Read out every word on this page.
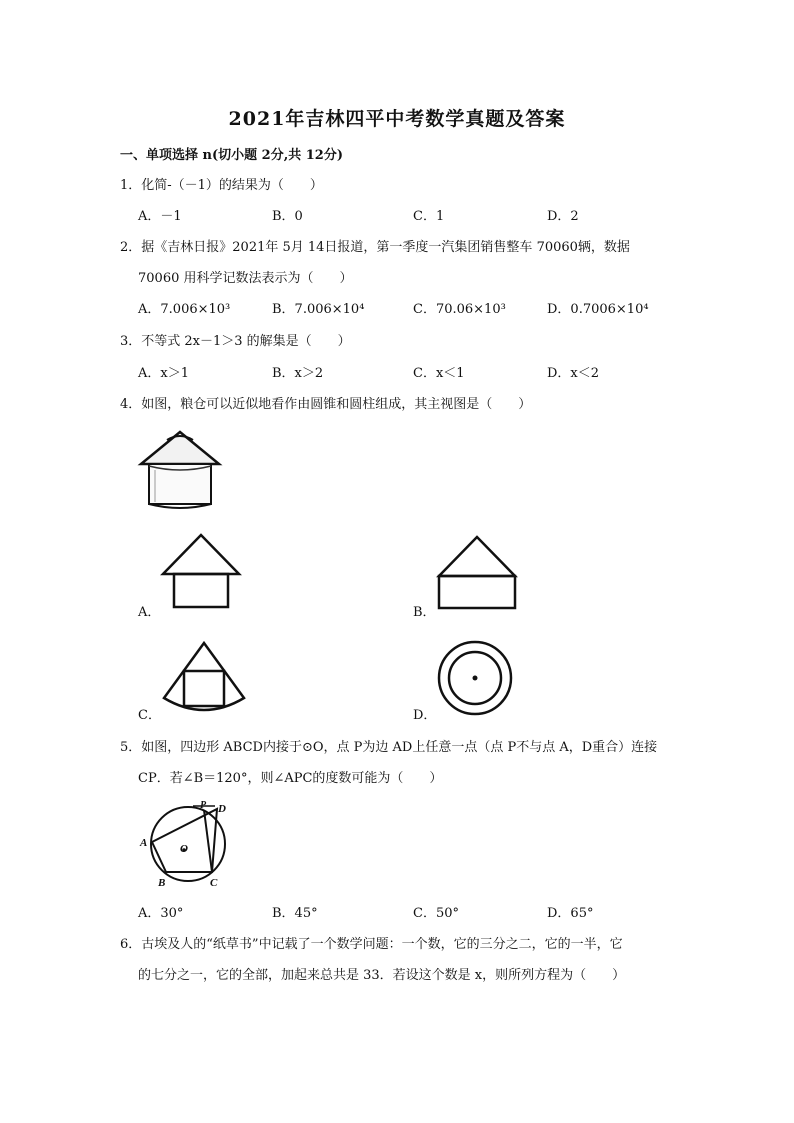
2021年吉林四平中考数学真题及答案
一、单项选择 n(切小题 2分,共 12分)
1．化简-（－1）的结果为（　　）
A．－1	B．0	C．1	D．2
2．据《吉林日报》2021年 5月 14日报道，第一季度一汽集团销售整车 70060辆，数据
70060 用科学记数法表示为（　　）
A．7.006×10³	B．7.006×10⁴	C．70.06×10³	D．0.7006×10⁴
3．不等式 2x－1＞3 的解集是（　　）
A．x＞1	B．x＞2	C．x＜1	D．x＜2
4．如图，粮仓可以近似地看作由圆锥和圆柱组成，其主视图是（　　）
A．	B．
C．	D．
5．如图，四边形 ABCD内接于⊙O，点 P为边 AD上任意一点（点 P不与点 A，D重合）连接
CP．若∠B＝120°，则∠APC的度数可能为（　　）
A
B	C
D
P
O
A．30°	B．45°	C．50°	D．65°
6．古埃及人的“纸草书”中记载了一个数学问题：一个数，它的三分之二，它的一半，它
的七分之一，它的全部，加起来总共是 33．若设这个数是 x，则所列方程为（　　）
